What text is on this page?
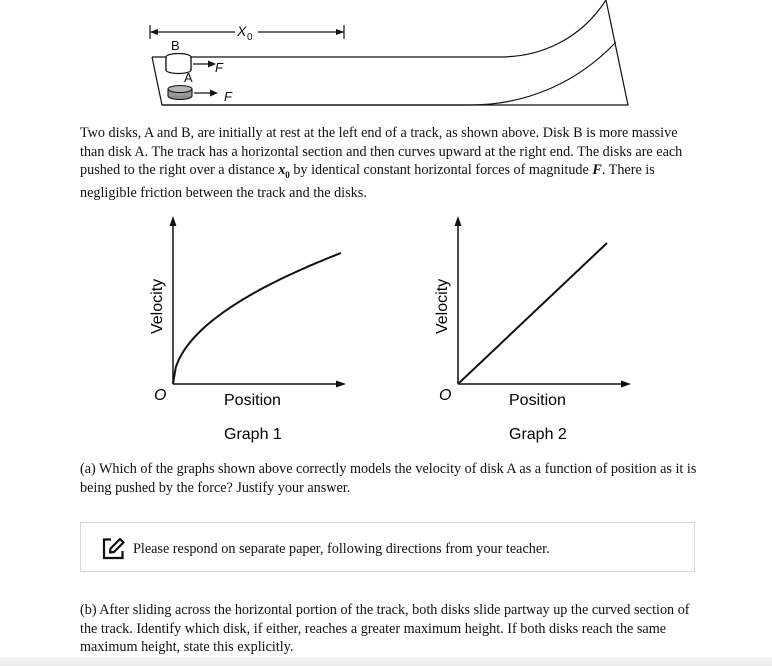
X 0
B
F
A
F

Two disks, A and B, are initially at rest at the left end of a track, as shown above. Disk B is more massive than disk A. The track has a horizontal section and then curves upward at the right end. The disks are each pushed to the right over a distance $x_0$ by identical constant horizontal forces of magnitude F. There is negligible friction between the track and the disks.

Velocity
O	Position
Graph 1
Velocity
O	Position
Graph 2

(a) Which of the graphs shown above correctly models the velocity of disk A as a function of position as it is being pushed by the force? Justify your answer.

Please respond on separate paper, following directions from your teacher.

(b) After sliding across the horizontal portion of the track, both disks slide partway up the curved section of the track. Identify which disk, if either, reaches a greater maximum height. If both disks reach the same maximum height, state this explicitly.
